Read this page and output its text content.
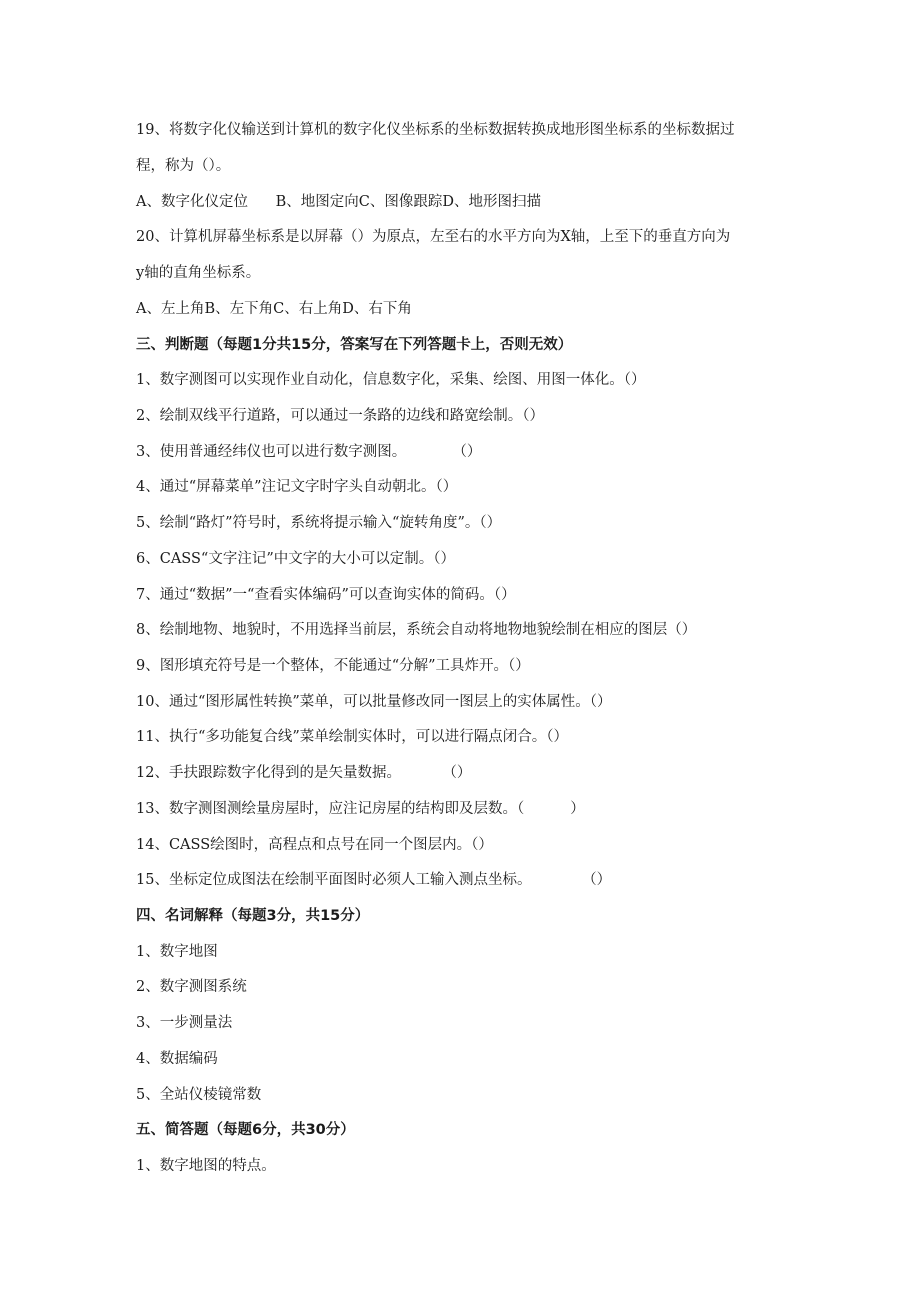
19、将数字化仪输送到计算机的数字化仪坐标系的坐标数据转换成地形图坐标系的坐标数据过
程，称为（）。
A、数字化仪定位      B、地图定向C、图像跟踪D、地形图扫描
20、计算机屏幕坐标系是以屏幕（）为原点，左至右的水平方向为X轴，上至下的垂直方向为
y轴的直角坐标系。
A、左上角B、左下角C、右上角D、右下角
三、判断题（每题1分共15分，答案写在下列答题卡上，否则无效）
1、数字测图可以实现作业自动化，信息数字化，采集、绘图、用图一体化。（）
2、绘制双线平行道路，可以通过一条路的边线和路宽绘制。（）
3、使用普通经纬仪也可以进行数字测图。          （）
4、通过“屏幕菜单”注记文字时字头自动朝北。（）
5、绘制“路灯”符号时，系统将提示输入“旋转角度”。（）
6、CASS“文字注记”中文字的大小可以定制。（）
7、通过“数据”一“查看实体编码”可以查询实体的简码。（）
8、绘制地物、地貌时，不用选择当前层，系统会自动将地物地貌绘制在相应的图层（）
9、图形填充符号是一个整体，不能通过“分解”工具炸开。（）
10、通过“图形属性转换”菜单，可以批量修改同一图层上的实体属性。（）
11、执行“多功能复合线”菜单绘制实体时，可以进行隔点闭合。（）
12、手扶跟踪数字化得到的是矢量数据。         （）
13、数字测图测绘量房屋时，应注记房屋的结构即及层数。（          ）
14、CASS绘图时，高程点和点号在同一个图层内。（）
15、坐标定位成图法在绘制平面图时必须人工输入测点坐标。           （）
四、名词解释（每题3分，共15分）
1、数字地图
2、数字测图系统
3、一步测量法
4、数据编码
5、全站仪棱镜常数
五、简答题（每题6分，共30分）
1、数字地图的特点。
